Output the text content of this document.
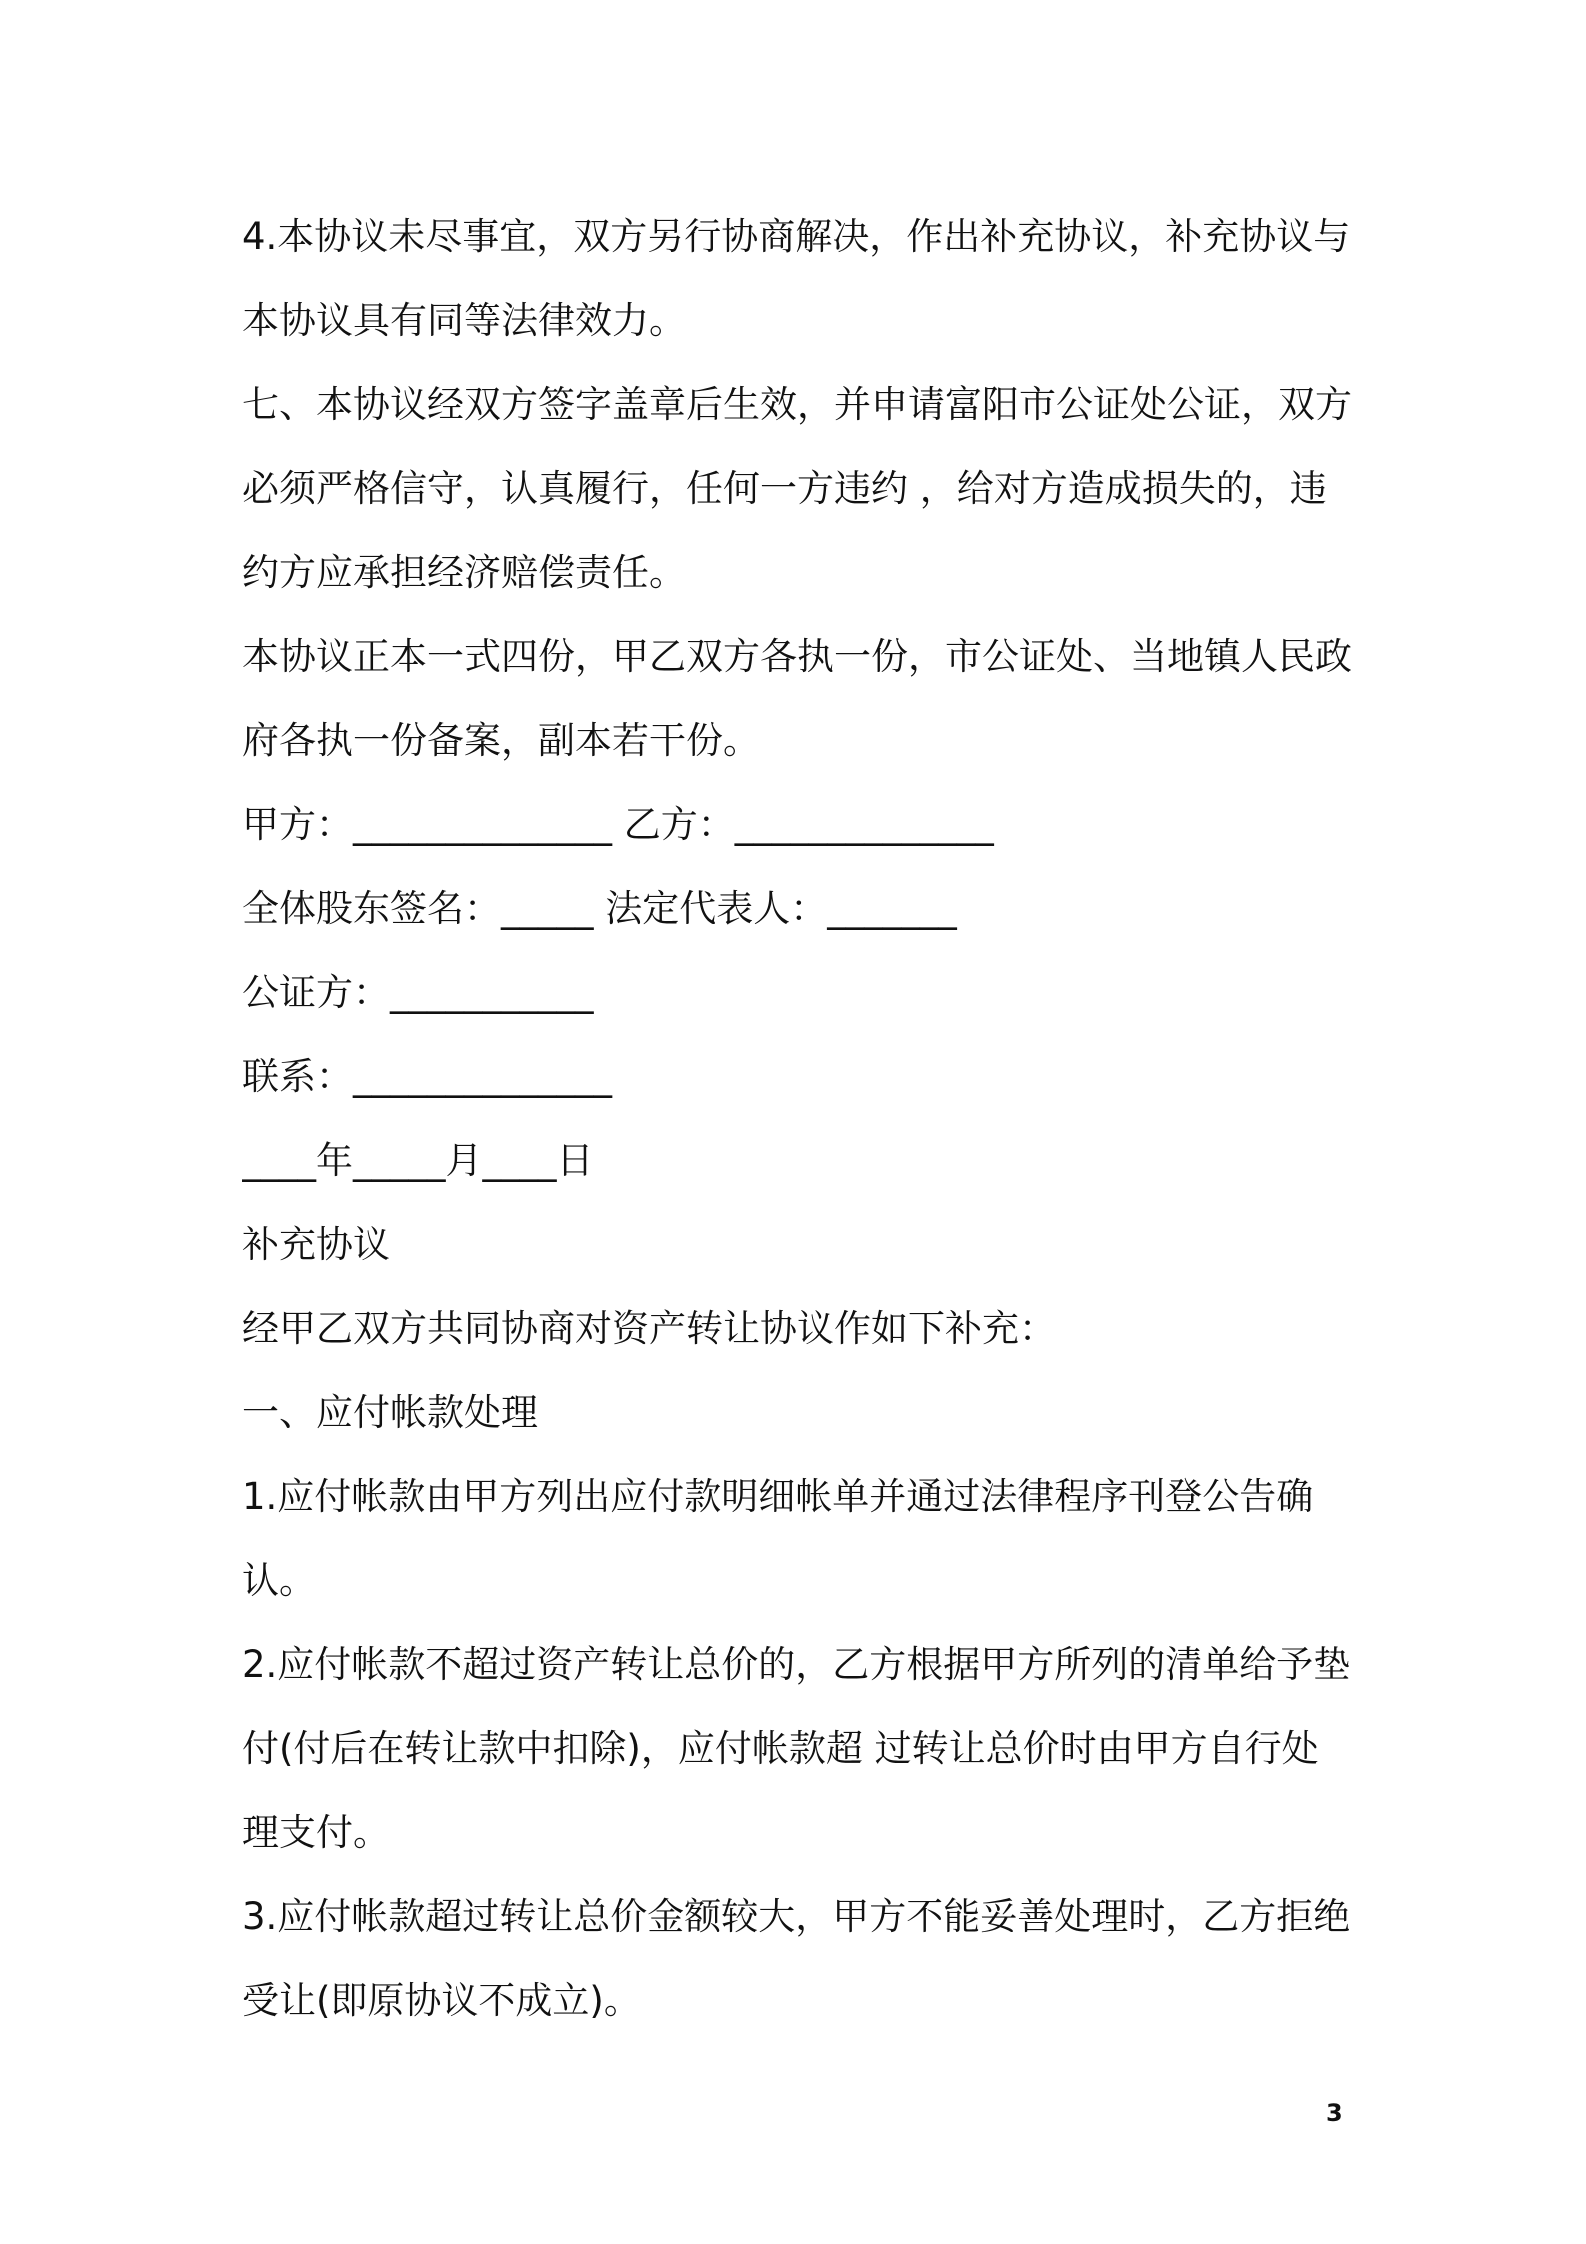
4.本协议未尽事宜，双方另行协商解决，作出补充协议，补充协议与
本协议具有同等法律效力。
七、本协议经双方签字盖章后生效，并申请富阳市公证处公证，双方
必须严格信守，认真履行，任何一方违约 ，给对方造成损失的，违
约方应承担经济赔偿责任。
本协议正本一式四份，甲乙双方各执一份，市公证处、当地镇人民政
府各执一份备案，副本若干份。
甲方：______________ 乙方：______________
全体股东签名：_____ 法定代表人：_______
公证方：___________
联系：______________
____年_____月____日
补充协议
经甲乙双方共同协商对资产转让协议作如下补充：
一、应付帐款处理
1.应付帐款由甲方列出应付款明细帐单并通过法律程序刊登公告确
认。
2.应付帐款不超过资产转让总价的，乙方根据甲方所列的清单给予垫
付(付后在转让款中扣除)，应付帐款超 过转让总价时由甲方自行处
理支付。
3.应付帐款超过转让总价金额较大，甲方不能妥善处理时，乙方拒绝
受让(即原协议不成立)。
3
